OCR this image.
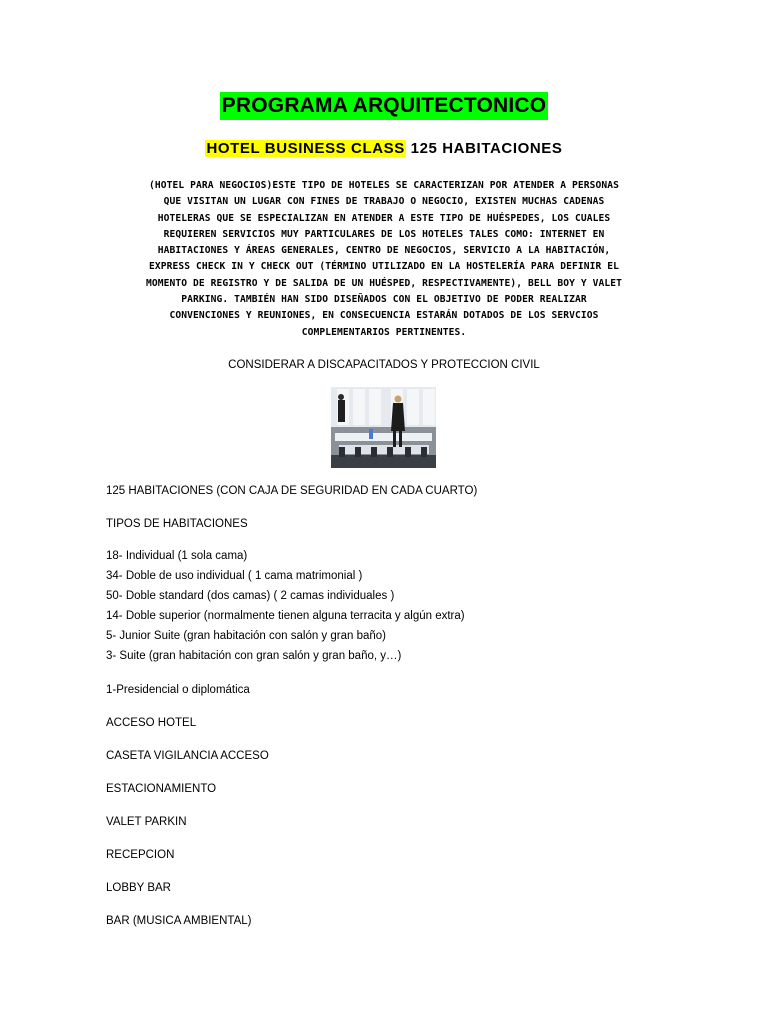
PROGRAMA ARQUITECTONICO
HOTEL BUSINESS CLASS 125 HABITACIONES
(HOTEL PARA NEGOCIOS)ESTE TIPO DE HOTELES SE CARACTERIZAN POR ATENDER A PERSONAS
QUE VISITAN UN LUGAR CON FINES DE TRABAJO O NEGOCIO, EXISTEN MUCHAS CADENAS
HOTELERAS QUE SE ESPECIALIZAN EN ATENDER A ESTE TIPO DE HUÉSPEDES, LOS CUALES
REQUIEREN SERVICIOS MUY PARTICULARES DE LOS HOTELES TALES COMO: INTERNET EN
HABITACIONES Y ÁREAS GENERALES, CENTRO DE NEGOCIOS, SERVICIO A LA HABITACIÓN,
EXPRESS CHECK IN Y CHECK OUT (TÉRMINO UTILIZADO EN LA HOSTELERÍA PARA DEFINIR EL
MOMENTO DE REGISTRO Y DE SALIDA DE UN HUÉSPED, RESPECTIVAMENTE), BELL BOY Y VALET
PARKING. TAMBIÉN HAN SIDO DISEÑADOS CON EL OBJETIVO DE PODER REALIZAR
CONVENCIONES Y REUNIONES, EN CONSECUENCIA ESTARÁN DOTADOS DE LOS SERVCIOS
COMPLEMENTARIOS PERTINENTES.
CONSIDERAR A DISCAPACITADOS Y PROTECCION CIVIL
125 HABITACIONES (CON CAJA DE SEGURIDAD EN CADA CUARTO)
TIPOS DE HABITACIONES
18- Individual (1 sola cama)
34- Doble de uso individual ( 1 cama matrimonial )
50- Doble standard (dos camas) ( 2 camas individuales )
14- Doble superior (normalmente tienen alguna terracita y algún extra)
5- Junior Suite (gran habitación con salón y gran baño)
3- Suite (gran habitación con gran salón y gran baño, y…)
1-Presidencial o diplomática
ACCESO HOTEL
CASETA VIGILANCIA ACCESO
ESTACIONAMIENTO
VALET PARKIN
RECEPCION
LOBBY BAR
BAR (MUSICA AMBIENTAL)
